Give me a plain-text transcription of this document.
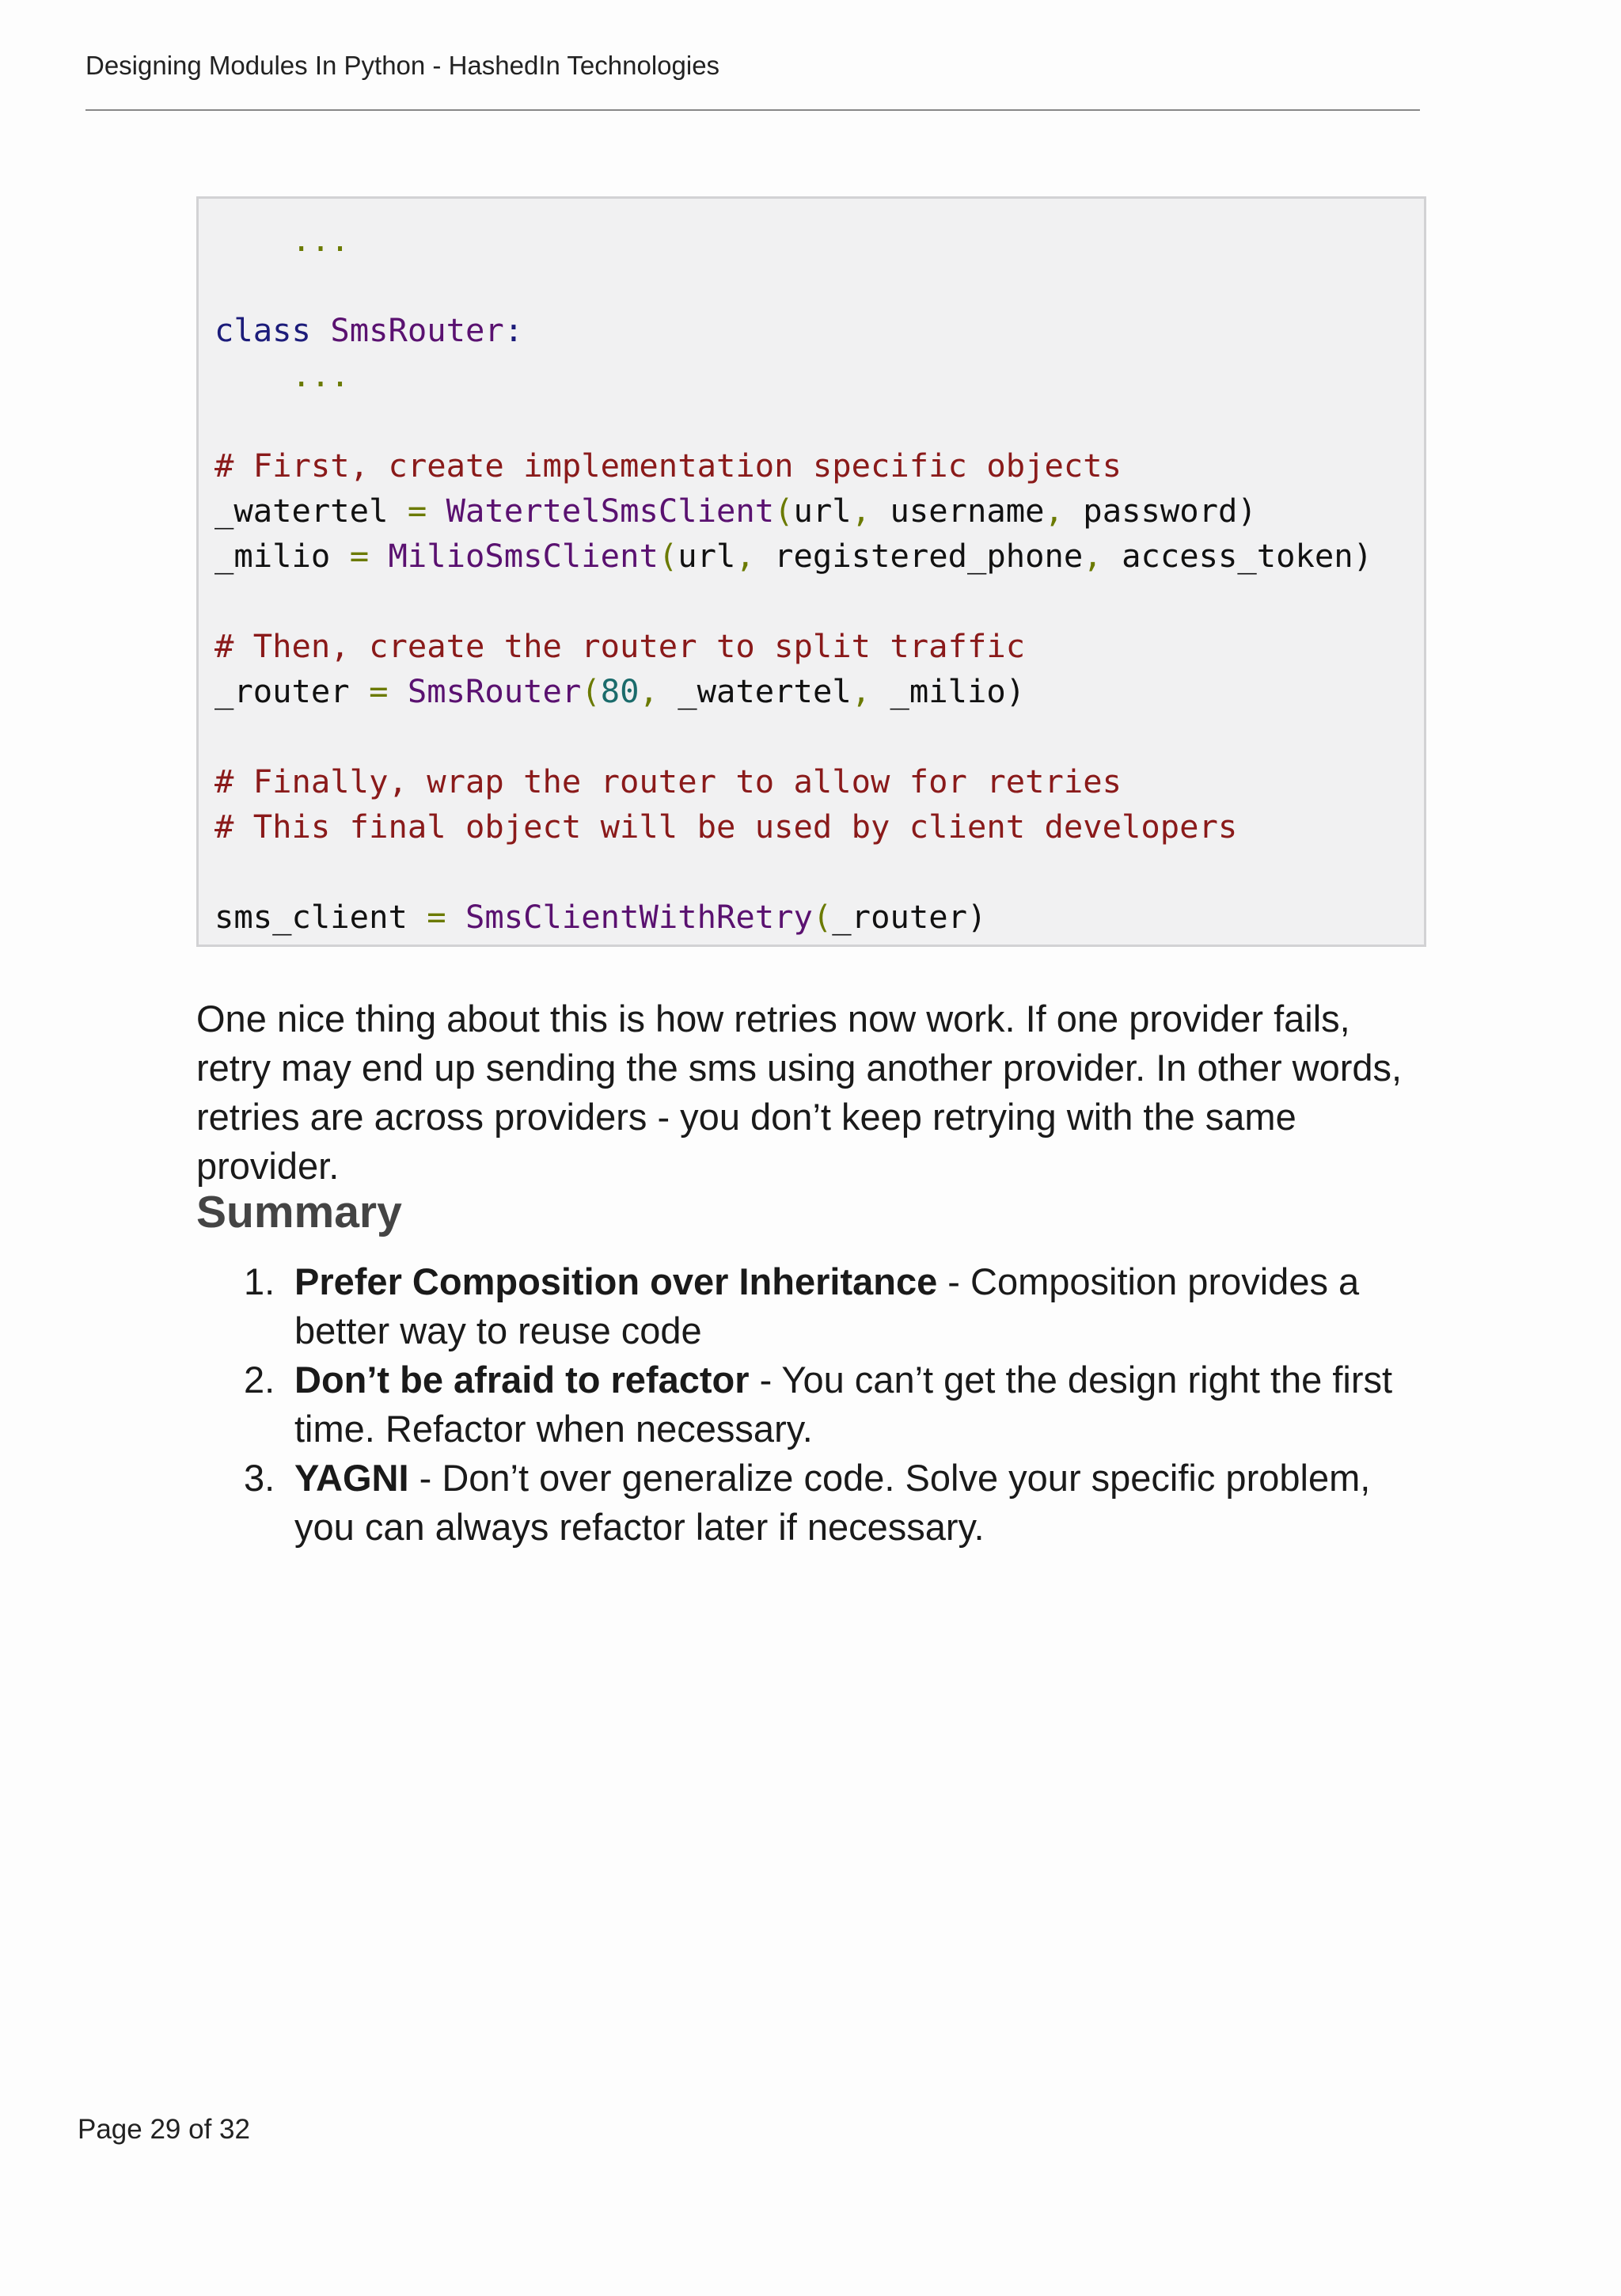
Designing Modules In Python - HashedIn Technologies
...
class SmsRouter:
...
# First, create implementation specific objects
_watertel = WatertelSmsClient(url, username, password)
_milio = MilioSmsClient(url, registered_phone, access_token)
# Then, create the router to split traffic
_router = SmsRouter(80, _watertel, _milio)
# Finally, wrap the router to allow for retries
# This final object will be used by client developers
sms_client = SmsClientWithRetry(_router)
One nice thing about this is how retries now work. If one provider fails, retry may end up sending the sms using another provider. In other words, retries are across providers - you don’t keep retrying with the same provider.
Summary
1. Prefer Composition over Inheritance - Composition provides a better way to reuse code
2. Don’t be afraid to refactor - You can’t get the design right the first time. Refactor when necessary.
3. YAGNI - Don’t over generalize code. Solve your specific problem, you can always refactor later if necessary.
Page 29 of 32
